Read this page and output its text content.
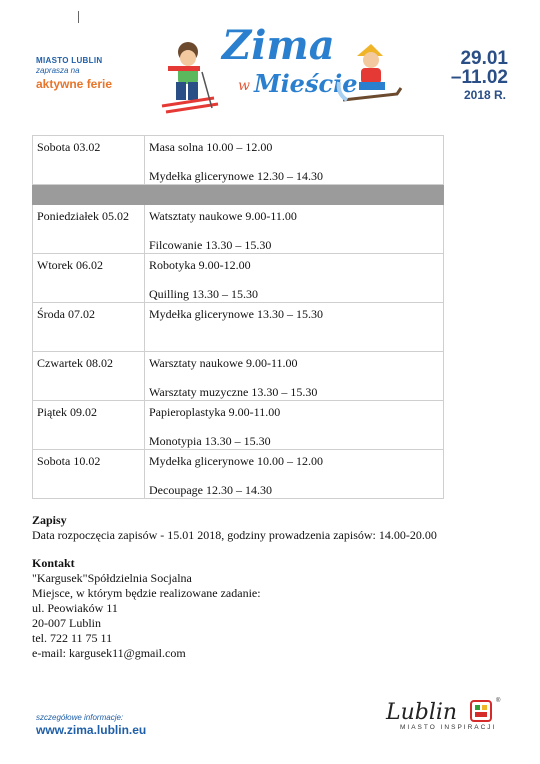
MIASTO LUBLIN
zaprasza na
aktywne ferie
Zima
w Mieście
29.01
–11.02
2018 R.
Sobota 03.02	Masa solna 10.00 – 12.00
Mydełka glicerynowe 12.30 – 14.30

Poniedziałek 05.02	Watsztaty naukowe 9.00-11.00
Filcowanie 13.30 – 15.30

Wtorek 06.02	Robotyka 9.00-12.00
Quilling 13.30 – 15.30

Środa 07.02	Mydełka glicerynowe 13.30 – 15.30

Czwartek 08.02	Warsztaty naukowe 9.00-11.00
Warsztaty muzyczne 13.30 – 15.30

Piątek 09.02	Papieroplastyka 9.00-11.00
Monotypia 13.30 – 15.30

Sobota 10.02	Mydełka glicerynowe 10.00 – 12.00
Decoupage 12.30 – 14.30
Zapisy
Data rozpoczęcia zapisów - 15.01 2018, godziny prowadzenia zapisów: 14.00-20.00
Kontakt
"Kargusek"Spółdzielnia Socjalna
Miejsce, w którym będzie realizowane zadanie:
ul. Peowiaków 11
20-007 Lublin
tel. 722 11 75 11
e-mail: kargusek11@gmail.com
szczegółowe informacje:
www.zima.lublin.eu
Lublin
MIASTO INSPIRACJI
®
